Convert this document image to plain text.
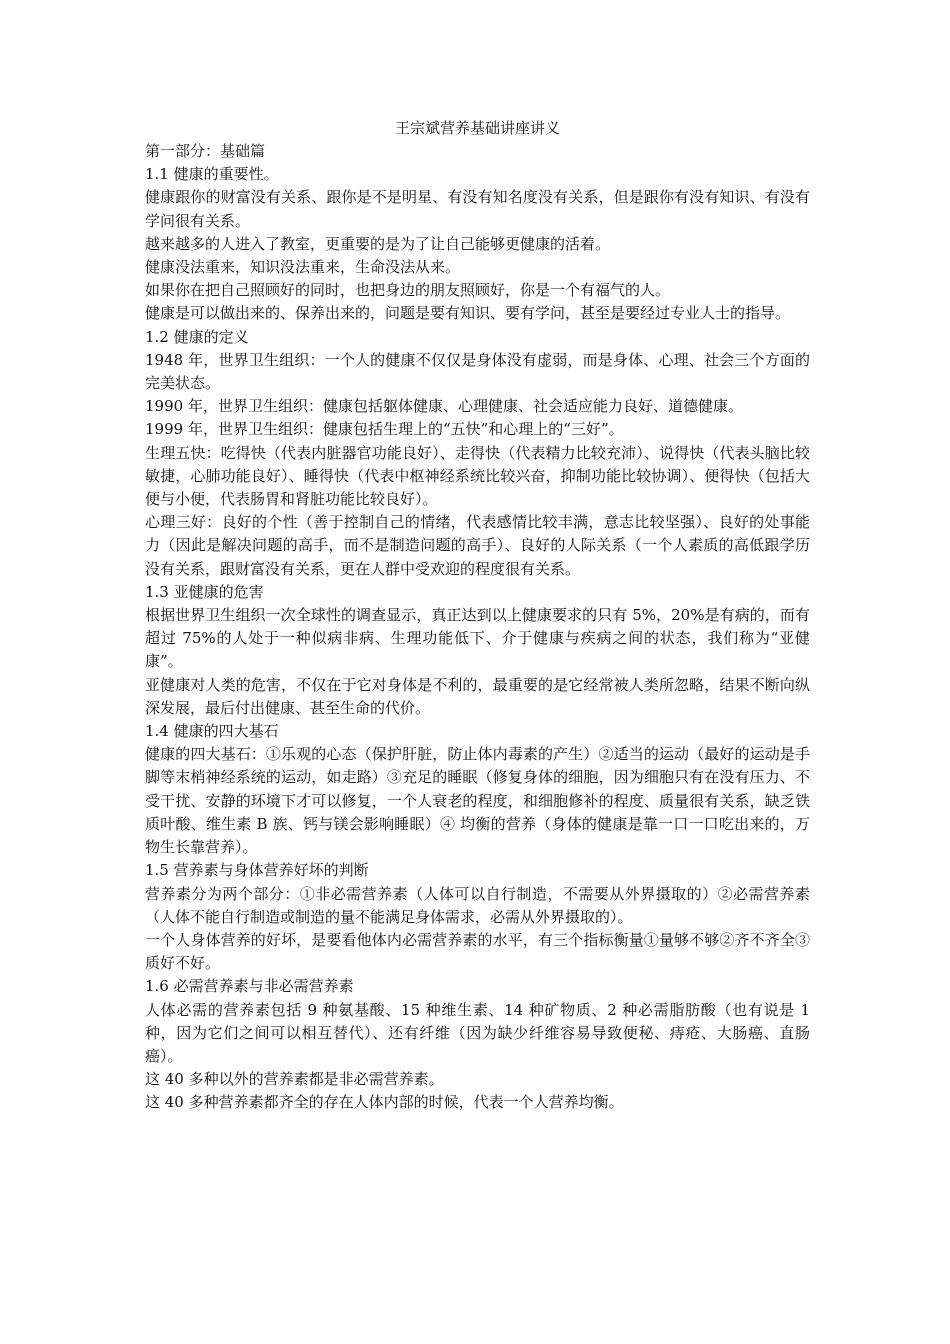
王宗斌营养基础讲座讲义

第一部分：基础篇

1.1 健康的重要性。

健康跟你的财富没有关系、跟你是不是明星、有没有知名度没有关系，但是跟你有没有知识、有没有学问很有关系。

越来越多的人进入了教室，更重要的是为了让自己能够更健康的活着。

健康没法重来，知识没法重来，生命没法从来。

如果你在把自己照顾好的同时，也把身边的朋友照顾好，你是一个有福气的人。

健康是可以做出来的、保养出来的，问题是要有知识、要有学问，甚至是要经过专业人士的指导。

1.2 健康的定义

1948 年，世界卫生组织：一个人的健康不仅仅是身体没有虚弱，而是身体、心理、社会三个方面的完美状态。

1990 年，世界卫生组织：健康包括躯体健康、心理健康、社会适应能力良好、道德健康。

1999 年，世界卫生组织：健康包括生理上的“五快”和心理上的“三好”。

生理五快：吃得快（代表内脏器官功能良好）、走得快（代表精力比较充沛）、说得快（代表头脑比较敏捷，心肺功能良好）、睡得快（代表中枢神经系统比较兴奋，抑制功能比较协调）、便得快（包括大便与小便，代表肠胃和肾脏功能比较良好）。

心理三好：良好的个性（善于控制自己的情绪，代表感情比较丰满，意志比较坚强）、良好的处事能力（因此是解决问题的高手，而不是制造问题的高手）、良好的人际关系（一个人素质的高低跟学历没有关系，跟财富没有关系，更在人群中受欢迎的程度很有关系。

1.3 亚健康的危害

根据世界卫生组织一次全球性的调查显示，真正达到以上健康要求的只有 5%，20%是有病的，而有超过 75%的人处于一种似病非病、生理功能低下、介于健康与疾病之间的状态，我们称为“亚健康”。

亚健康对人类的危害，不仅在于它对身体是不利的，最重要的是它经常被人类所忽略，结果不断向纵深发展，最后付出健康、甚至生命的代价。

1.4 健康的四大基石

健康的四大基石：①乐观的心态（保护肝脏，防止体内毒素的产生）②适当的运动（最好的运动是手脚等末梢神经系统的运动，如走路）③充足的睡眠（修复身体的细胞，因为细胞只有在没有压力、不受干扰、安静的环境下才可以修复，一个人衰老的程度，和细胞修补的程度、质量很有关系，缺乏铁质叶酸、维生素 B 族、钙与镁会影响睡眠）④ 均衡的营养（身体的健康是靠一口一口吃出来的，万物生长靠营养）。

1.5 营养素与身体营养好坏的判断

营养素分为两个部分：①非必需营养素（人体可以自行制造，不需要从外界摄取的）②必需营养素（人体不能自行制造或制造的量不能满足身体需求，必需从外界摄取的）。

一个人身体营养的好坏，是要看他体内必需营养素的水平，有三个指标衡量①量够不够②齐不齐全③质好不好。

1.6 必需营养素与非必需营养素

人体必需的营养素包括 9 种氨基酸、15 种维生素、14 种矿物质、2 种必需脂肪酸（也有说是 1 种，因为它们之间可以相互替代）、还有纤维（因为缺少纤维容易导致便秘、痔疮、大肠癌、直肠癌）。

这 40 多种以外的营养素都是非必需营养素。

这 40 多种营养素都齐全的存在人体内部的时候，代表一个人营养均衡。
